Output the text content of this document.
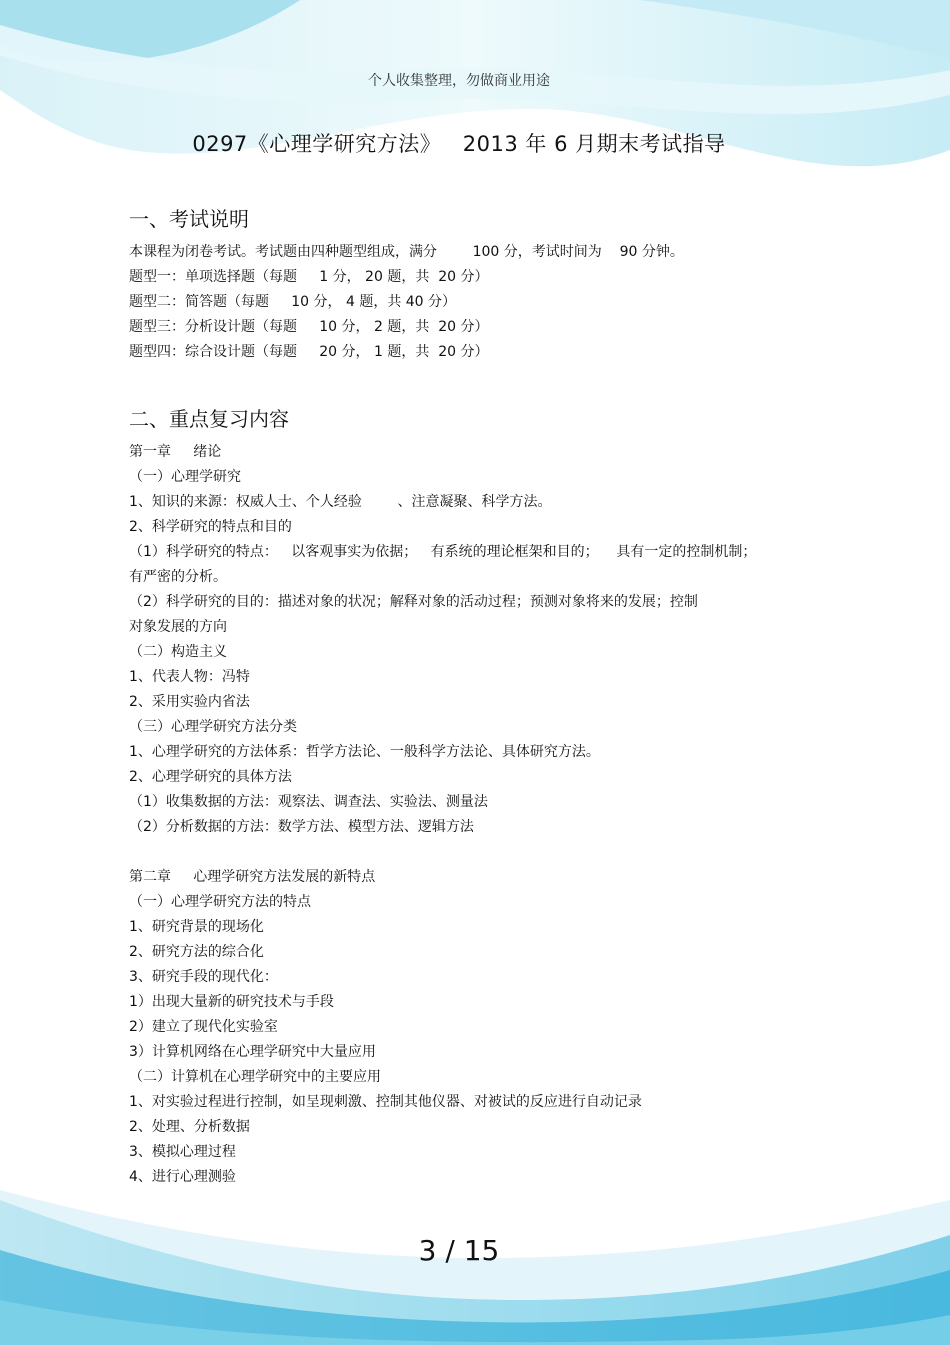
个人收集整理，勿做商业用途
0297《心理学研究方法》   2013 年 6 月期末考试指导
一、考试说明
本课程为闭卷考试。考试题由四种题型组成，满分        100 分，考试时间为    90 分钟。
题型一：单项选择题（每题     1 分， 20 题，共  20 分）
题型二：简答题（每题     10 分， 4 题，共 40 分）
题型三：分析设计题（每题     10 分， 2 题，共  20 分）
题型四：综合设计题（每题     20 分， 1 题，共  20 分）
二、重点复习内容
第一章     绪论
（一）心理学研究
1、知识的来源：权威人士、个人经验        、注意凝聚、科学方法。
2、科学研究的特点和目的
（1）科学研究的特点：   以客观事实为依据；   有系统的理论框架和目的；    具有一定的控制机制；
有严密的分析。
（2）科学研究的目的：描述对象的状况；解释对象的活动过程；预测对象将来的发展；控制
对象发展的方向
（二）构造主义
1、代表人物：冯特
2、采用实验内省法
（三）心理学研究方法分类
1、心理学研究的方法体系：哲学方法论、一般科学方法论、具体研究方法。
2、心理学研究的具体方法
（1）收集数据的方法：观察法、调查法、实验法、测量法
（2）分析数据的方法：数学方法、模型方法、逻辑方法
第二章     心理学研究方法发展的新特点
（一）心理学研究方法的特点
1、研究背景的现场化
2、研究方法的综合化
3、研究手段的现代化：
1）出现大量新的研究技术与手段
2）建立了现代化实验室
3）计算机网络在心理学研究中大量应用
（二）计算机在心理学研究中的主要应用
1、对实验过程进行控制，如呈现刺激、控制其他仪器、对被试的反应进行自动记录
2、处理、分析数据
3、模拟心理过程
4、进行心理测验
3 / 15
